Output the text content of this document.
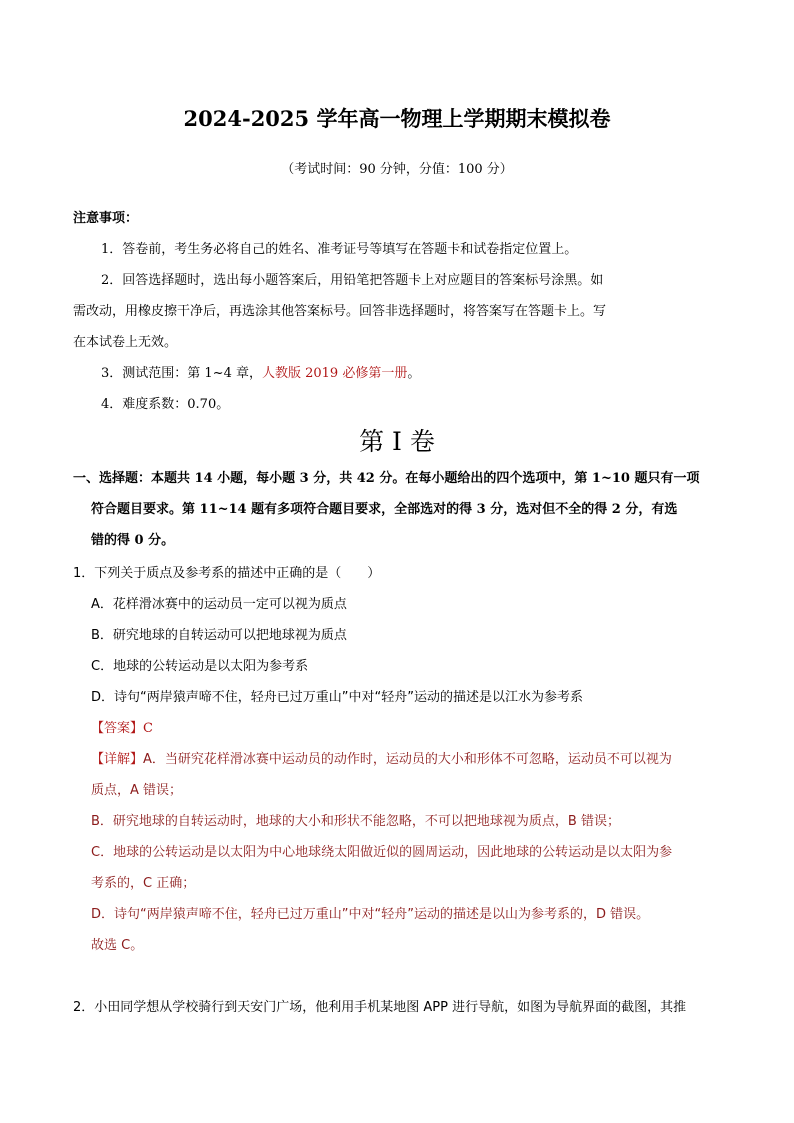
2024-2025 学年高一物理上学期期末模拟卷
（考试时间：90 分钟，分值：100 分）
注意事项：
1．答卷前，考生务必将自己的姓名、准考证号等填写在答题卡和试卷指定位置上。
2．回答选择题时，选出每小题答案后，用铅笔把答题卡上对应题目的答案标号涂黑。如
需改动，用橡皮擦干净后，再选涂其他答案标号。回答非选择题时，将答案写在答题卡上。写
在本试卷上无效。
3．测试范围：第 1~4 章，人教版 2019 必修第一册。
4．难度系数：0.70。
第 I 卷
一、选择题：本题共 14 小题，每小题 3 分，共 42 分。在每小题给出的四个选项中，第 1~10 题只有一项
符合题目要求。第 11~14 题有多项符合题目要求，全部选对的得 3 分，选对但不全的得 2 分，有选
错的得 0 分。
1．下列关于质点及参考系的描述中正确的是（　　）
A．花样滑冰赛中的运动员一定可以视为质点
B．研究地球的自转运动可以把地球视为质点
C．地球的公转运动是以太阳为参考系
D．诗句“两岸猿声啼不住，轻舟已过万重山”中对“轻舟”运动的描述是以江水为参考系
【答案】C
【详解】A．当研究花样滑冰赛中运动员的动作时，运动员的大小和形体不可忽略，运动员不可以视为
质点，A 错误；
B．研究地球的自转运动时，地球的大小和形状不能忽略，不可以把地球视为质点，B 错误；
C．地球的公转运动是以太阳为中心地球绕太阳做近似的圆周运动，因此地球的公转运动是以太阳为参
考系的，C 正确；
D．诗句“两岸猿声啼不住，轻舟已过万重山”中对“轻舟”运动的描述是以山为参考系的，D 错误。
故选 C。
2．小田同学想从学校骑行到天安门广场，他利用手机某地图 APP 进行导航，如图为导航界面的截图，其推
